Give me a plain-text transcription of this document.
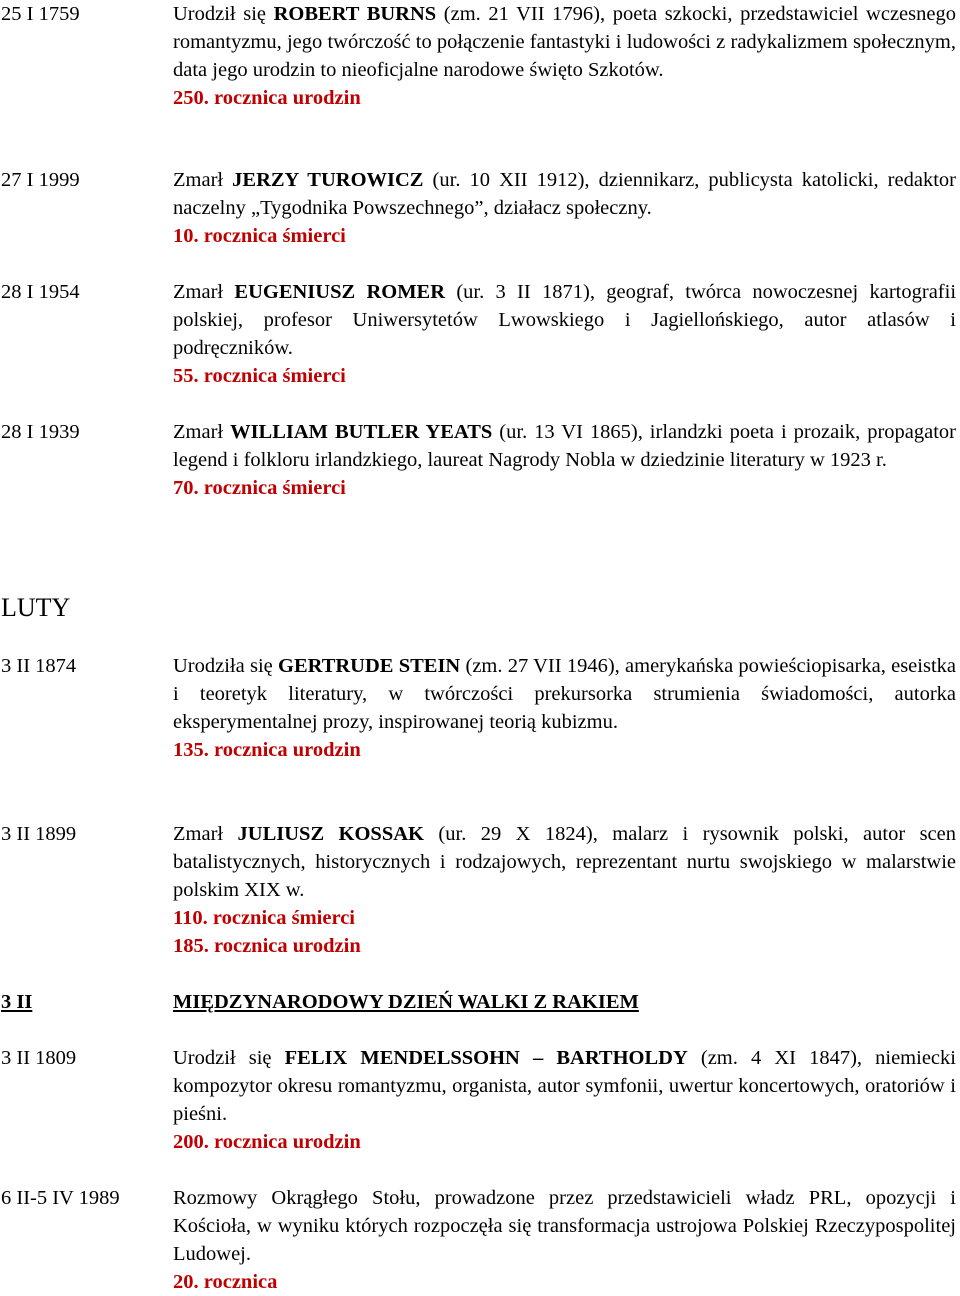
25 I 1759	Urodził się ROBERT BURNS (zm. 21 VII 1796), poeta szkocki, przedstawiciel wczesnego romantyzmu, jego twórczość to połączenie fantastyki i ludowości z radykalizmem społecznym, data jego urodzin to nieoficjalne narodowe święto Szkotów.

250. rocznica urodzin

27 I 1999	Zmarł JERZY TUROWICZ (ur. 10 XII 1912), dziennikarz, publicysta katolicki, redaktor naczelny „Tygodnika Powszechnego”, działacz społeczny.

10. rocznica śmierci

28 I 1954	Zmarł EUGENIUSZ ROMER (ur. 3 II 1871), geograf, twórca nowoczesnej kartografii polskiej, profesor Uniwersytetów Lwowskiego i Jagiellońskiego, autor atlasów i podręczników.

55. rocznica śmierci

28 I 1939	Zmarł WILLIAM BUTLER YEATS (ur. 13 VI 1865), irlandzki poeta i prozaik, propagator legend i folkloru irlandzkiego, laureat Nagrody Nobla w dziedzinie literatury w 1923 r.

70. rocznica śmierci

LUTY
3 II 1874	Urodziła się GERTRUDE STEIN (zm. 27 VII 1946), amerykańska powieściopisarka, eseistka i teoretyk literatury, w twórczości prekursorka strumienia świadomości, autorka eksperymentalnej prozy, inspirowanej teorią kubizmu.

135. rocznica urodzin

3 II 1899	Zmarł JULIUSZ KOSSAK (ur. 29 X 1824), malarz i rysownik polski, autor scen batalistycznych, historycznych i rodzajowych, reprezentant nurtu swojskiego w malarstwie polskim XIX w.

110. rocznica śmierci

185. rocznica urodzin

3 II	MIĘDZYNARODOWY DZIEŃ WALKI Z RAKIEM

3 II 1809	Urodził się FELIX MENDELSSOHN – BARTHOLDY (zm. 4 XI 1847), niemiecki kompozytor okresu romantyzmu, organista, autor symfonii, uwertur koncertowych, oratoriów i pieśni.

200. rocznica urodzin

6 II-5 IV 1989	Rozmowy Okrągłego Stołu, prowadzone przez przedstawicieli władz PRL, opozycji i Kościoła, w wyniku których rozpoczęła się transformacja ustrojowa Polskiej Rzeczypospolitej Ludowej.

20. rocznica
